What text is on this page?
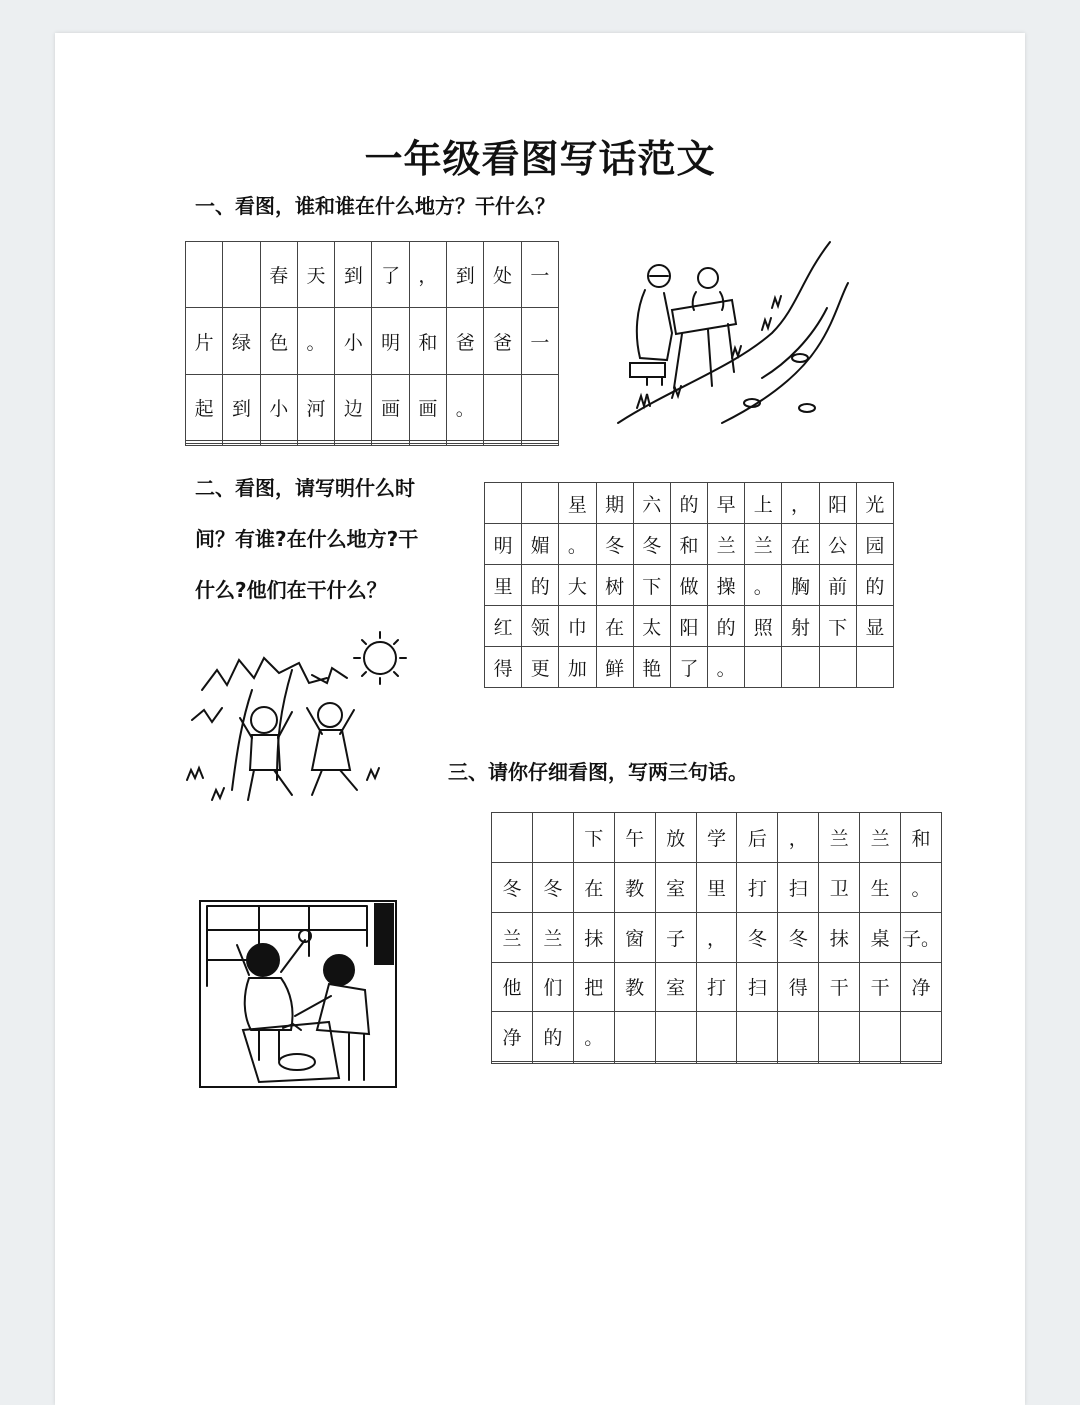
一年级看图写话范文
一、看图，谁和谁在什么地方？干什么？
		春	天	到	了	，	到	处	一
片	绿	色	。	小	明	和	爸	爸	一
起	到	小	河	边	画	画	。		

二、看图，请写明什么时
间？有谁?在什么地方?干
什么?他们在干什么？
		星	期	六	的	早	上	，	阳	光
明	媚	。	冬	冬	和	兰	兰	在	公	园
里	的	大	树	下	做	操	。	胸	前	的
红	领	巾	在	太	阳	的	照	射	下	显
得	更	加	鲜	艳	了	。				
三、请你仔细看图，写两三句话。
		下	午	放	学	后	，	兰	兰	和
冬	冬	在	教	室	里	打	扫	卫	生	。
兰	兰	抹	窗	子	，	冬	冬	抹	桌	子。
他	们	把	教	室	打	扫	得	干	干	净
净	的	。								
